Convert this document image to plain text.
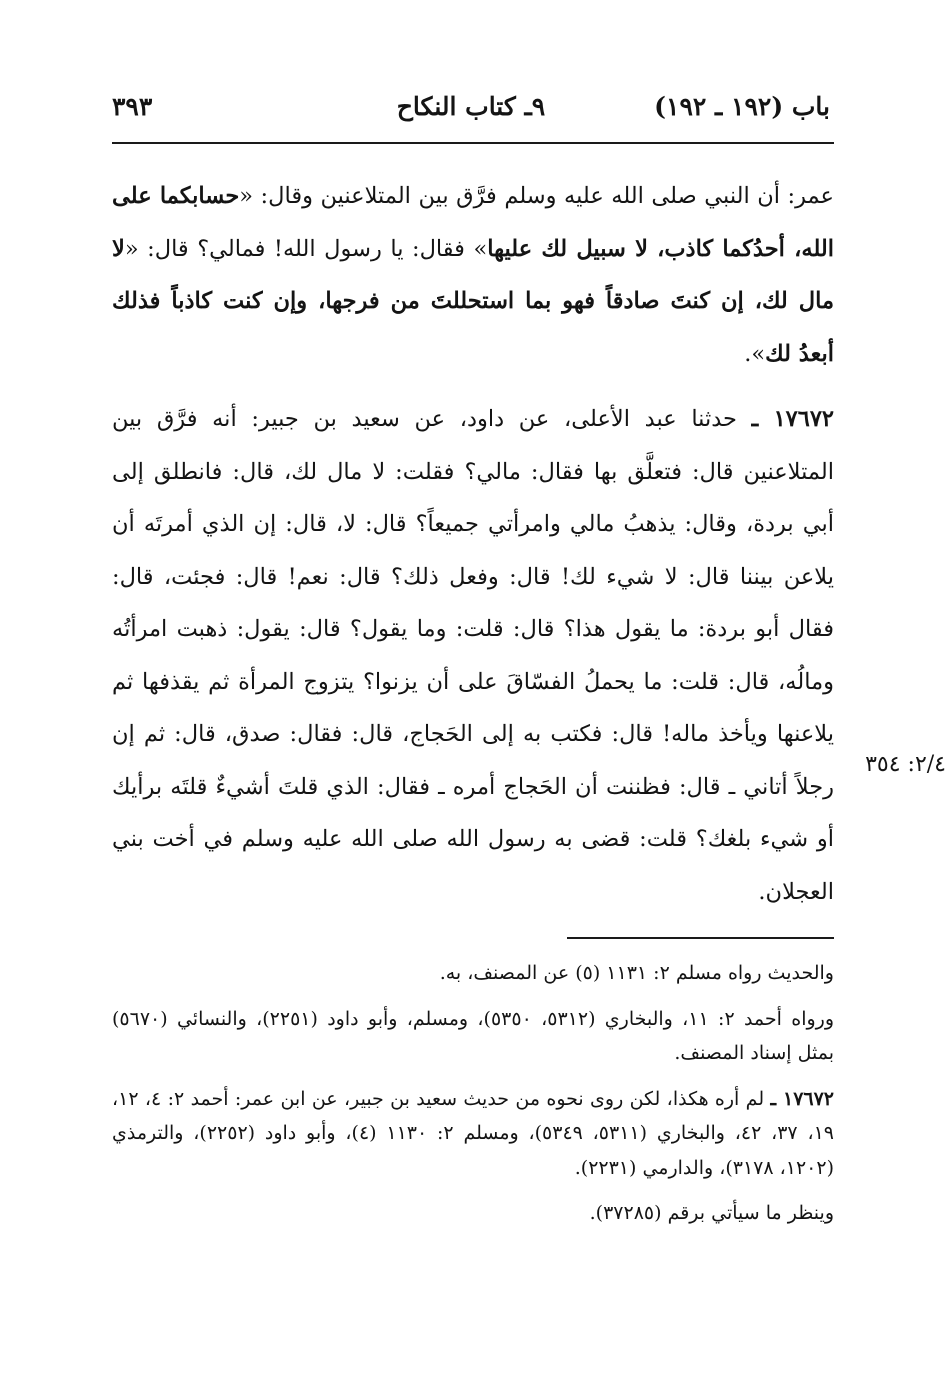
باب (١٩٢ ـ ١٩٢)
٩ـ كتاب النكاح
٣٩٣
عمر: أن النبي صلى الله عليه وسلم فرَّق بين المتلاعنين وقال: «حسابكما على الله، أحدُكما كاذب، لا سبيل لك عليها» فقال: يا رسول الله! فمالي؟ قال: «لا مال لك، إن كنتَ صادقاً فهو بما استحللتَ من فرجها، وإن كنت كاذباً فذلك أبعدُ لك».
١٧٦٧٢ ـ حدثنا عبد الأعلى، عن داود، عن سعيد بن جبير: أنه فرَّق بين المتلاعنين قال: فتعلَّق بها فقال: مالي؟ فقلت: لا مال لك، قال: فانطلق إلى أبي بردة، وقال: يذهبُ مالي وامرأتي جميعاً؟ قال: لا، قال: إن الذي أمرتَه أن يلاعن بيننا قال: لا شيء لك! قال: وفعل ذلك؟ قال: نعم! قال: فجئت، قال: فقال أبو بردة: ما يقول هذا؟ قال: قلت: وما يقول؟ قال: يقول: ذهبت امرأتُه ومالُه، قال: قلت: ما يحملُ الفسّاقَ على أن يزنوا؟ يتزوج المرأة ثم يقذفها ثم يلاعنها ويأخذ ماله! قال: فكتب به إلى الحَجاج، قال: فقال: صدق، قال: ثم إن رجلاً أتاني ـ قال: فظننت أن الحَجاج أمره ـ فقال: الذي قلتَ أشيءٌ قلتَه برأيك أو شيء بلغك؟ قلت: قضى به رسول الله صلى الله عليه وسلم في أخت بني العجلان.
٢/٤: ٣٥٤

والحديث رواه مسلم ٢: ١١٣١ (٥) عن المصنف، به.

ورواه أحمد ٢: ١١، والبخاري (٥٣١٢، ٥٣٥٠)، ومسلم، وأبو داود (٢٢٥١)، والنسائي (٥٦٧٠) بمثل إسناد المصنف.

١٧٦٧٢ ـ لم أره هكذا، لكن روى نحوه من حديث سعيد بن جبير، عن ابن عمر: أحمد ٢: ٤، ١٢، ١٩، ٣٧، ٤٢، والبخاري (٥٣١١، ٥٣٤٩)، ومسلم ٢: ١١٣٠ (٤)، وأبو داود (٢٢٥٢)، والترمذي (١٢٠٢، ٣١٧٨)، والدارمي (٢٢٣١).

وينظر ما سيأتي برقم (٣٧٢٨٥).
